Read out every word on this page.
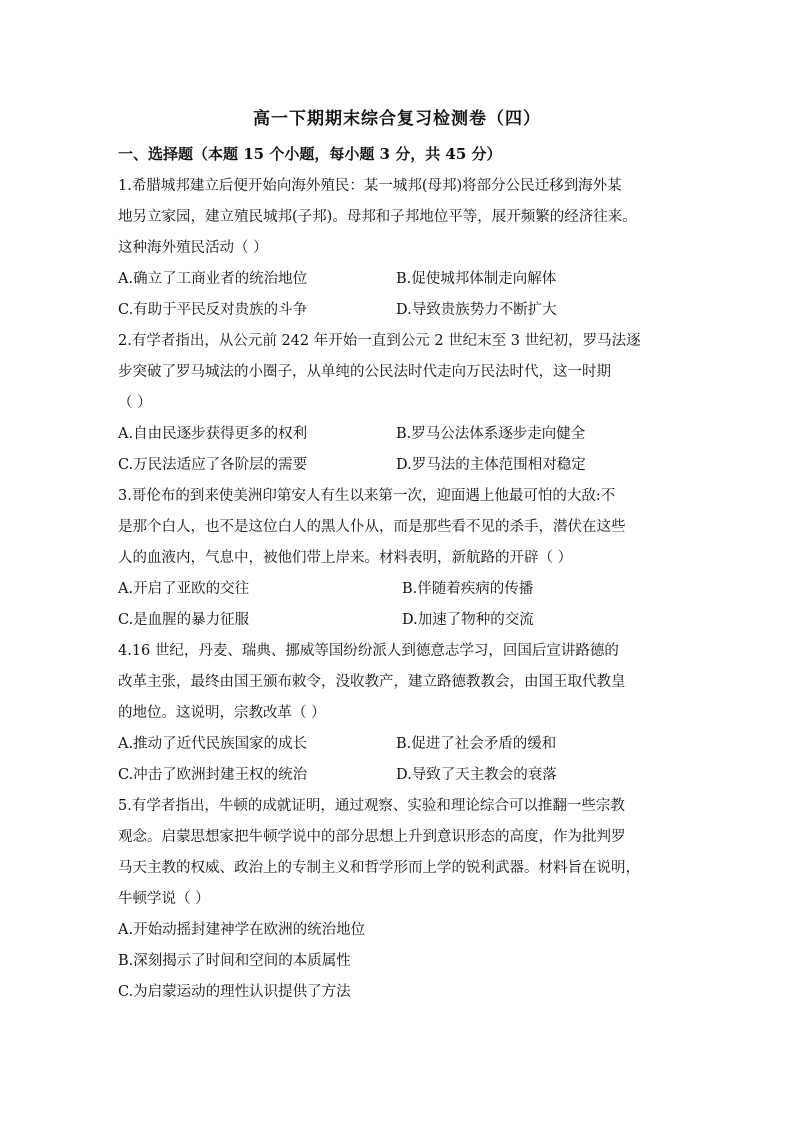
高一下期期末综合复习检测卷（四）
一、选择题（本题 15 个小题，每小题 3 分，共 45 分）
1.希腊城邦建立后便开始向海外殖民：某一城邦(母邦)将部分公民迁移到海外某
地另立家园，建立殖民城邦(子邦)。母邦和子邦地位平等，展开频繁的经济往来。
这种海外殖民活动（ ）
A.确立了工商业者的统治地位	B.促使城邦体制走向解体
C.有助于平民反对贵族的斗争	D.导致贵族势力不断扩大
2.有学者指出，从公元前 242 年开始一直到公元 2 世纪末至 3 世纪初，罗马法逐
步突破了罗马城法的小圈子，从单纯的公民法时代走向万民法时代，这一时期
（ ）
A.自由民逐步获得更多的权利	B.罗马公法体系逐步走向健全
C.万民法适应了各阶层的需要	D.罗马法的主体范围相对稳定
3.哥伦布的到来使美洲印第安人有生以来第一次，迎面遇上他最可怕的大敌:不
是那个白人，也不是这位白人的黑人仆从，而是那些看不见的杀手，潜伏在这些
人的血液内，气息中，被他们带上岸来。材料表明，新航路的开辟（ ）
A.开启了亚欧的交往	B.伴随着疾病的传播
C.是血腥的暴力征服	D.加速了物种的交流
4.16 世纪，丹麦、瑞典、挪威等国纷纷派人到德意志学习，回国后宣讲路德的
改革主张，最终由国王颁布敕令，没收教产，建立路德教教会，由国王取代教皇
的地位。这说明，宗教改革（ ）
A.推动了近代民族国家的成长	B.促进了社会矛盾的缓和
C.冲击了欧洲封建王权的统治	D.导致了天主教会的衰落
5.有学者指出，牛顿的成就证明，通过观察、实验和理论综合可以推翻一些宗教
观念。启蒙思想家把牛顿学说中的部分思想上升到意识形态的高度，作为批判罗
马天主教的权威、政治上的专制主义和哲学形而上学的锐利武器。材料旨在说明，
牛顿学说（ ）
A.开始动摇封建神学在欧洲的统治地位
B.深刻揭示了时间和空间的本质属性
C.为启蒙运动的理性认识提供了方法
